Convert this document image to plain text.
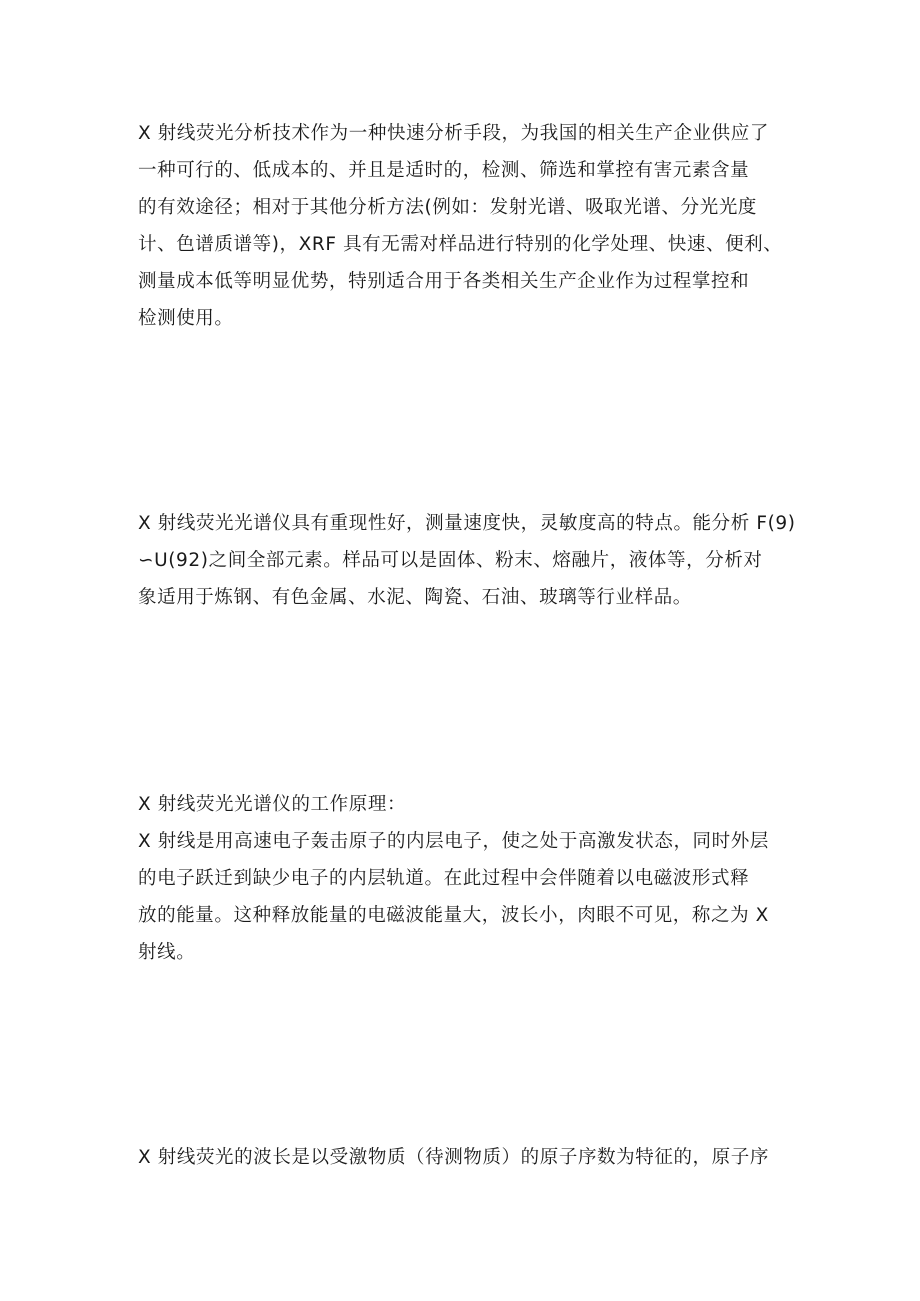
X 射线荧光分析技术作为一种快速分析手段，为我国的相关生产企业供应了
一种可行的、低成本的、并且是适时的，检测、筛选和掌控有害元素含量
的有效途径；相对于其他分析方法(例如：发射光谱、吸取光谱、分光光度
计、色谱质谱等)，XRF 具有无需对样品进行特别的化学处理、快速、便利、
测量成本低等明显优势，特别适合用于各类相关生产企业作为过程掌控和
检测使用。
X 射线荧光光谱仪具有重现性好，测量速度快，灵敏度高的特点。能分析 F(9)
∽U(92)之间全部元素。样品可以是固体、粉末、熔融片，液体等，分析对
象适用于炼钢、有色金属、水泥、陶瓷、石油、玻璃等行业样品。
X 射线荧光光谱仪的工作原理：
X 射线是用高速电子轰击原子的内层电子，使之处于高激发状态，同时外层
的电子跃迁到缺少电子的内层轨道。在此过程中会伴随着以电磁波形式释
放的能量。这种释放能量的电磁波能量大，波长小，肉眼不可见，称之为 X
射线。
X 射线荧光的波长是以受激物质（待测物质）的原子序数为特征的，原子序
